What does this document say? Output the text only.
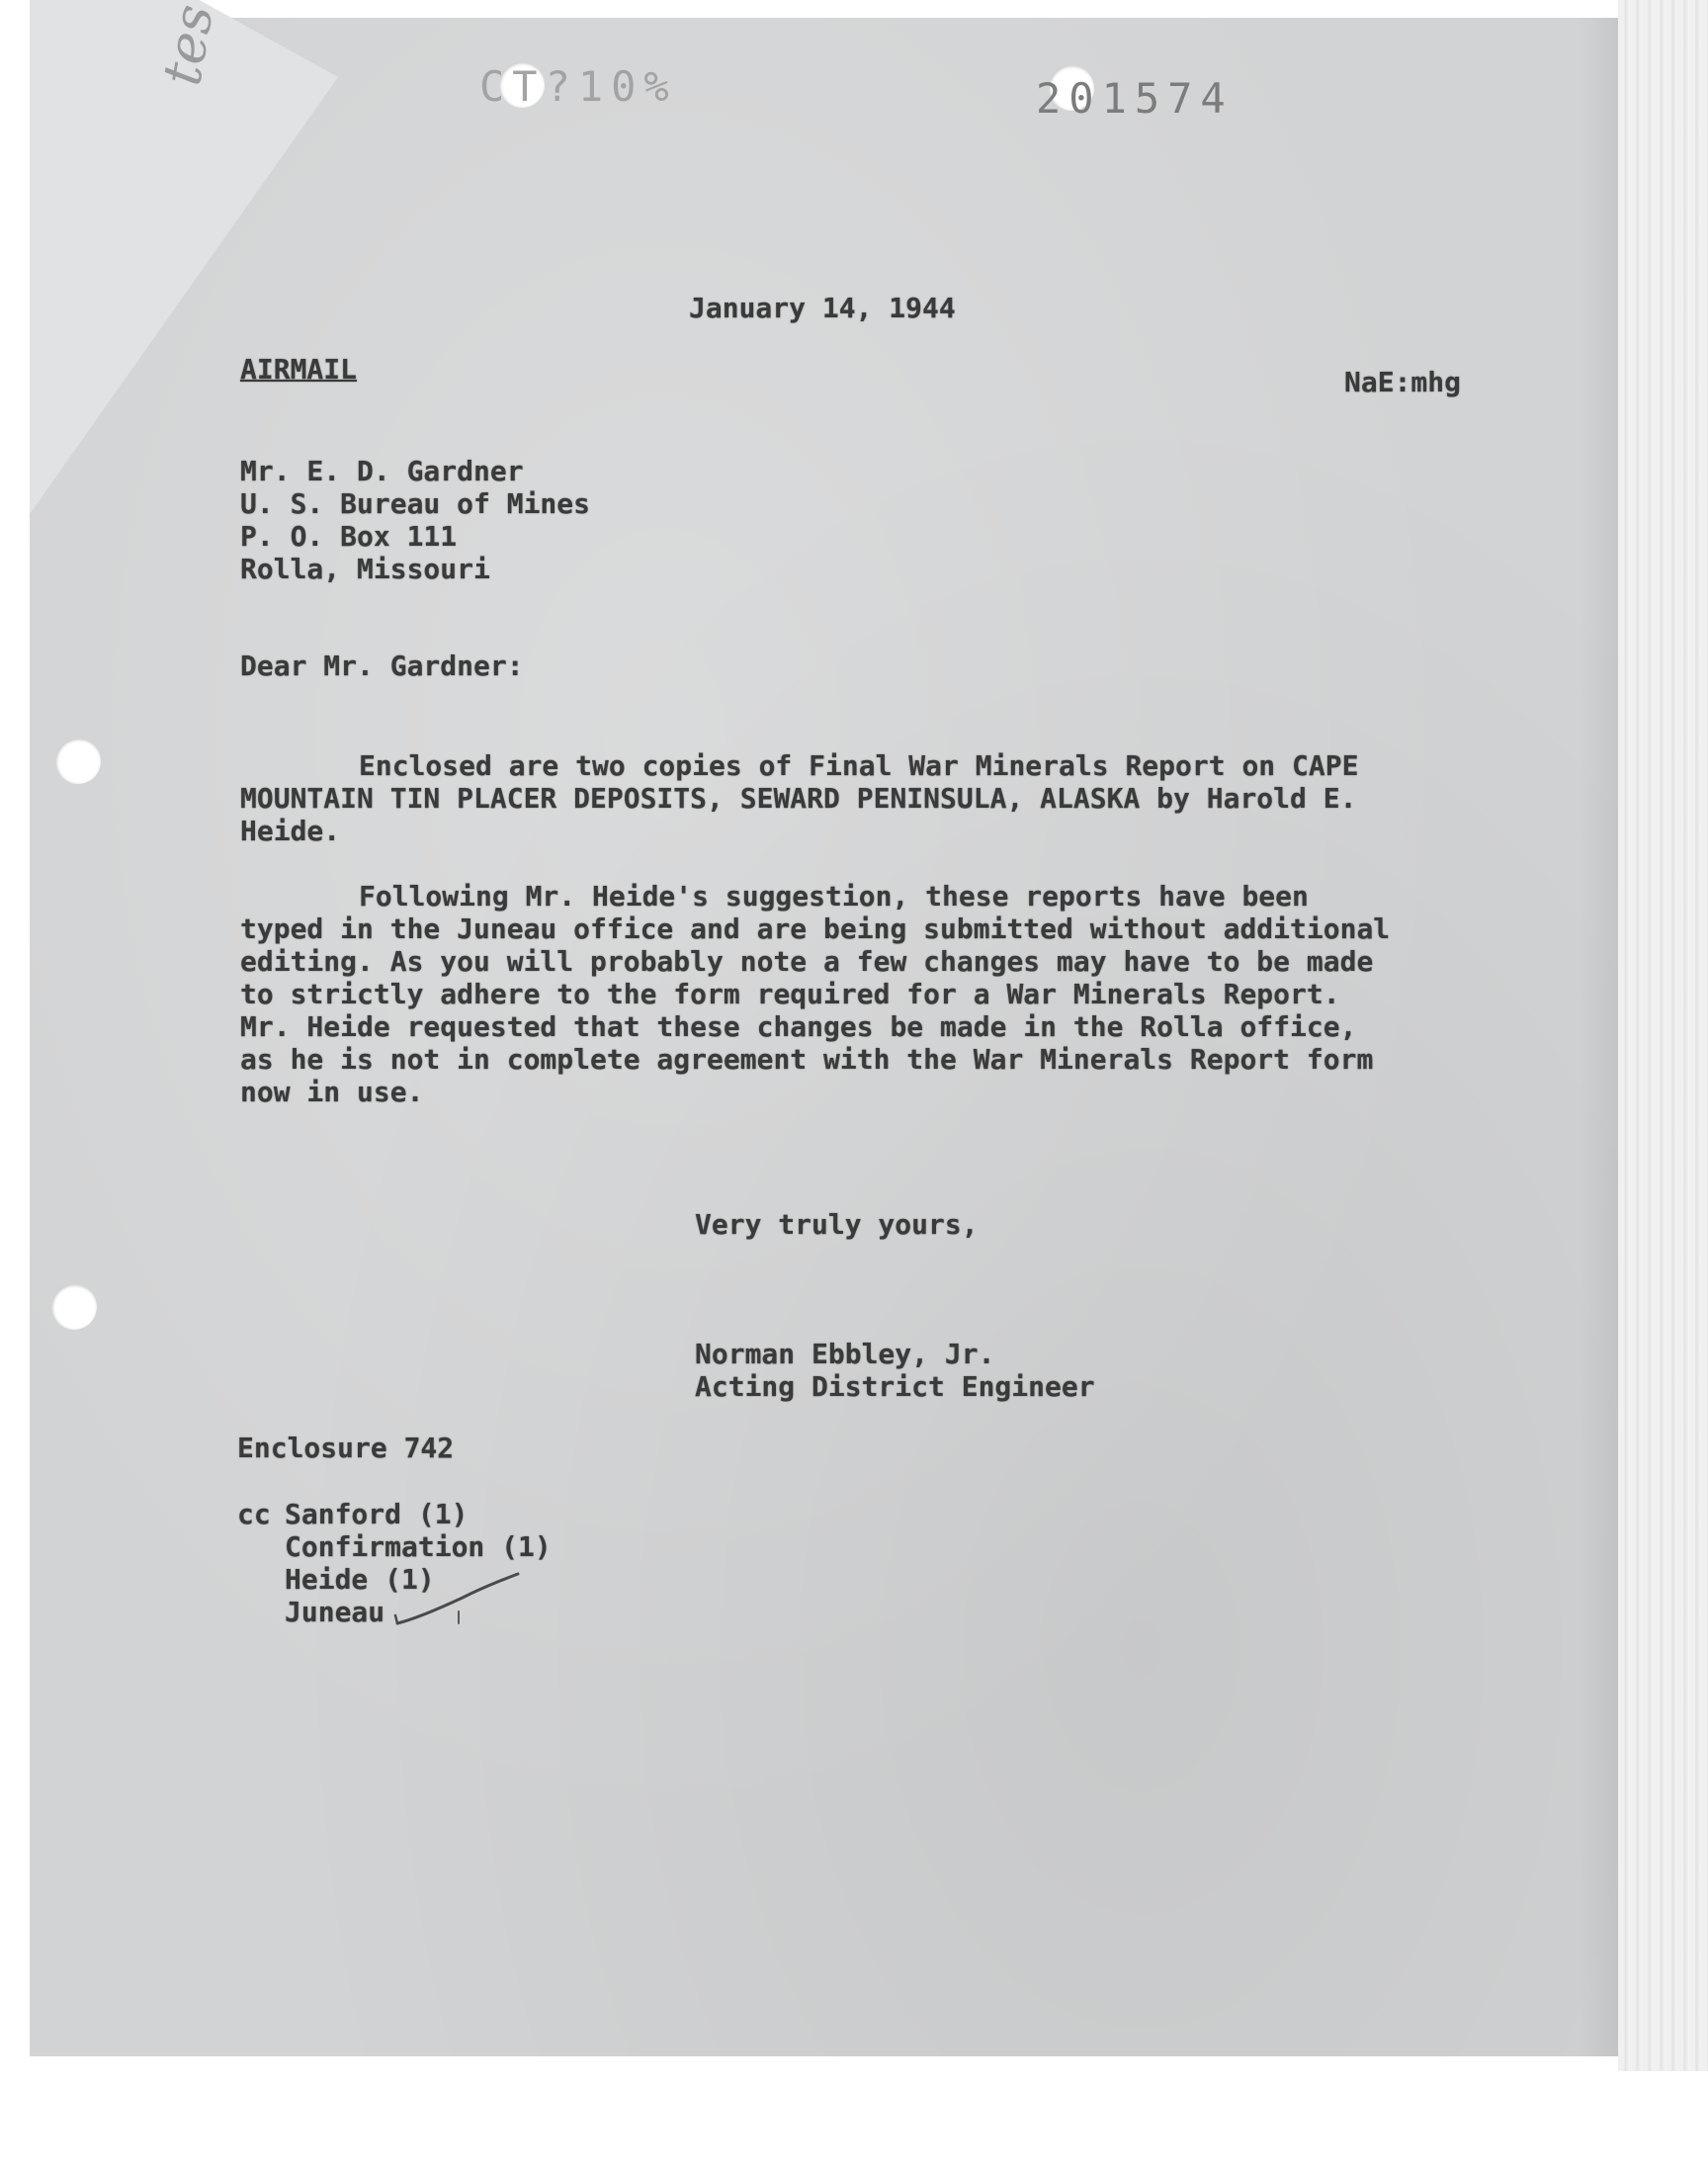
CT?10%	201574
tes
January 14, 1944
AIRMAIL	NaE:mhg
Mr. E. D. Gardner
U. S. Bureau of Mines
P. O. Box 111
Rolla, Missouri
Dear Mr. Gardner:
Enclosed are two copies of Final War Minerals Report on CAPE MOUNTAIN TIN PLACER DEPOSITS, SEWARD PENINSULA, ALASKA by Harold E. Heide.
Following Mr. Heide's suggestion, these reports have been typed in the Juneau office and are being submitted without additional editing. As you will probably note a few changes may have to be made to strictly adhere to the form required for a War Minerals Report. Mr. Heide requested that these changes be made in the Rolla office, as he is not in complete agreement with the War Minerals Report form now in use.
Very truly yours,
Norman Ebbley, Jr.
Acting District Engineer
Enclosure 742
cc Sanford (1)
Confirmation (1)
Heide (1)
Juneau
